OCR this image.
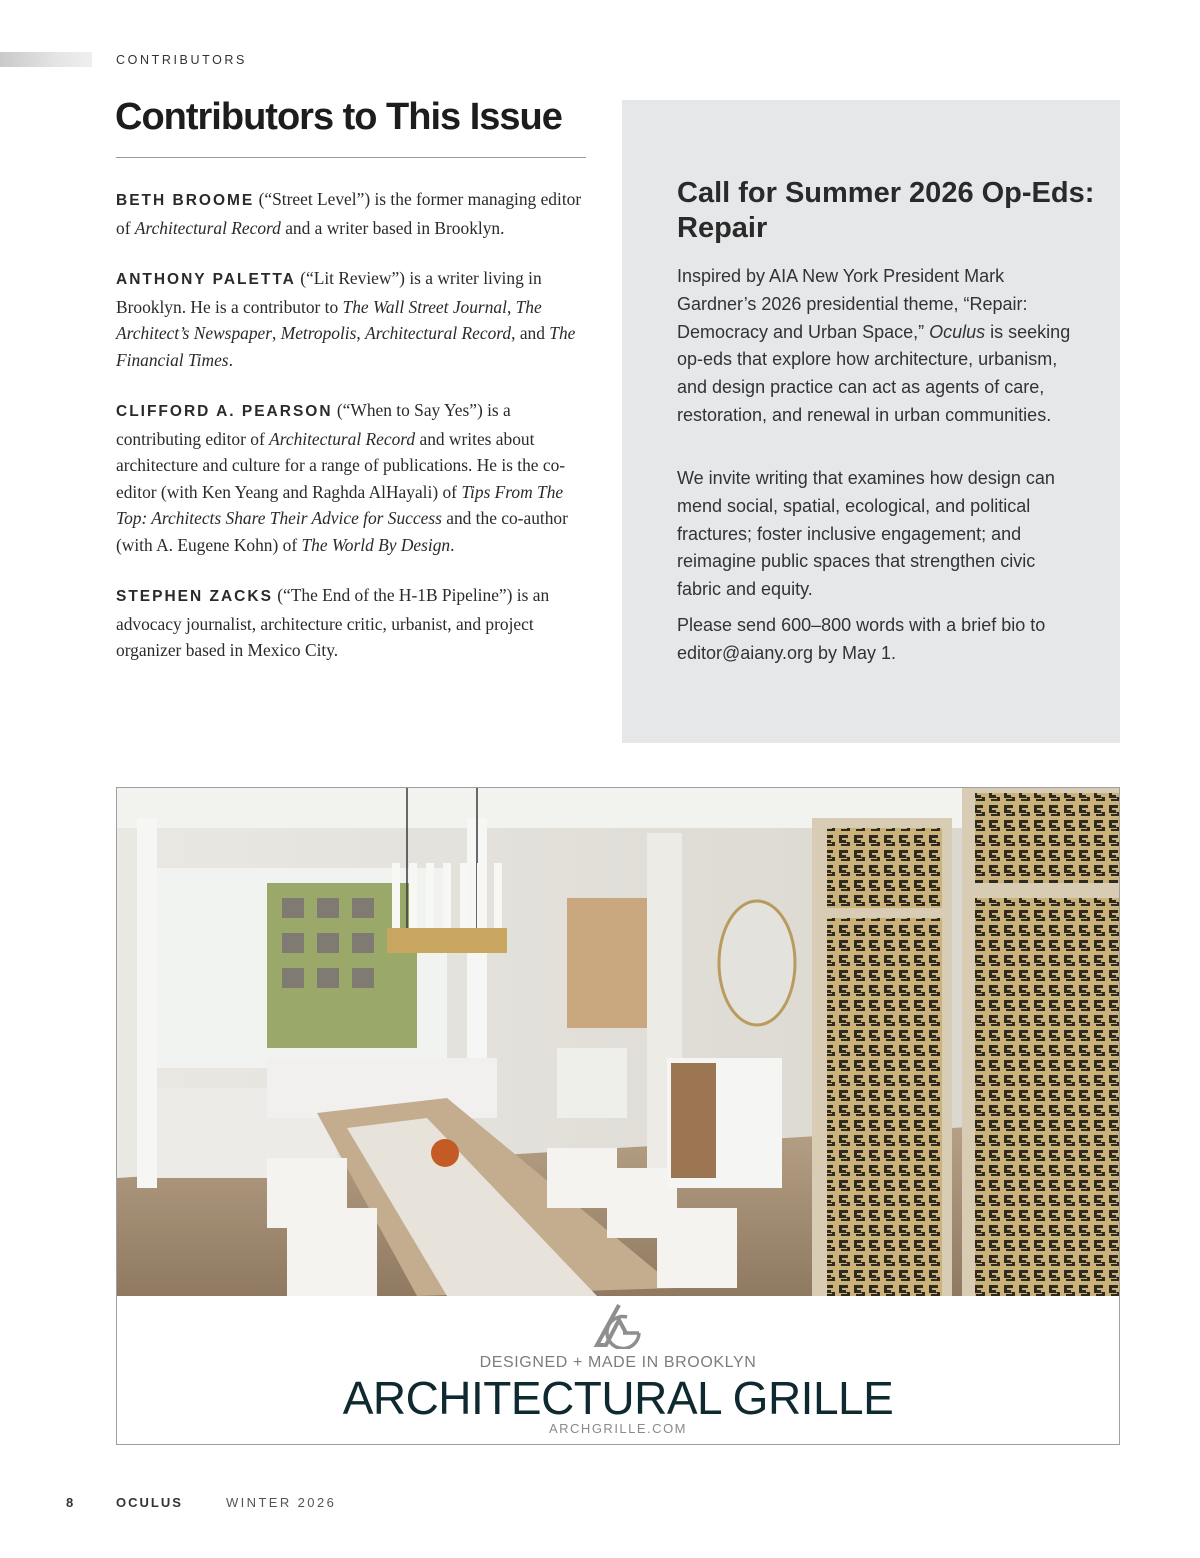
CONTRIBUTORS
Contributors to This Issue

BETH BROOME (“Street Level”) is the former managing editor of Architectural Record and a writer based in Brooklyn.

ANTHONY PALETTA (“Lit Review”) is a writer living in Brooklyn. He is a contributor to The Wall Street Journal, The Architect’s Newspaper, Metropolis, Architectural Record, and The Financial Times.

CLIFFORD A. PEARSON (“When to Say Yes”) is a contributing editor of Architectural Record and writes about architecture and culture for a range of publications. He is the co-editor (with Ken Yeang and Raghda AlHayali) of Tips From The Top: Architects Share Their Advice for Success and the co-author (with A. Eugene Kohn) of The World By Design.

STEPHEN ZACKS (“The End of the H-1B Pipeline”) is an advocacy journalist, architecture critic, urbanist, and project organizer based in Mexico City.

Call for Summer 2026 Op-Eds: Repair

Inspired by AIA New York President Mark Gardner’s 2026 presidential theme, “Repair: Democracy and Urban Space,” Oculus is seeking op-eds that explore how architecture, urbanism, and design practice can act as agents of care, restoration, and renewal in urban communities.

We invite writing that examines how design can mend social, spatial, ecological, and political fractures; foster inclusive engagement; and reimagine public spaces that strengthen civic fabric and equity.

Please send 600–800 words with a brief bio to editor@aiany.org by May 1.

DESIGNED + MADE IN BROOKLYN
ARCHITECTURAL GRILLE
ARCHGRILLE.COM
8	OCULUS	WINTER 2026
